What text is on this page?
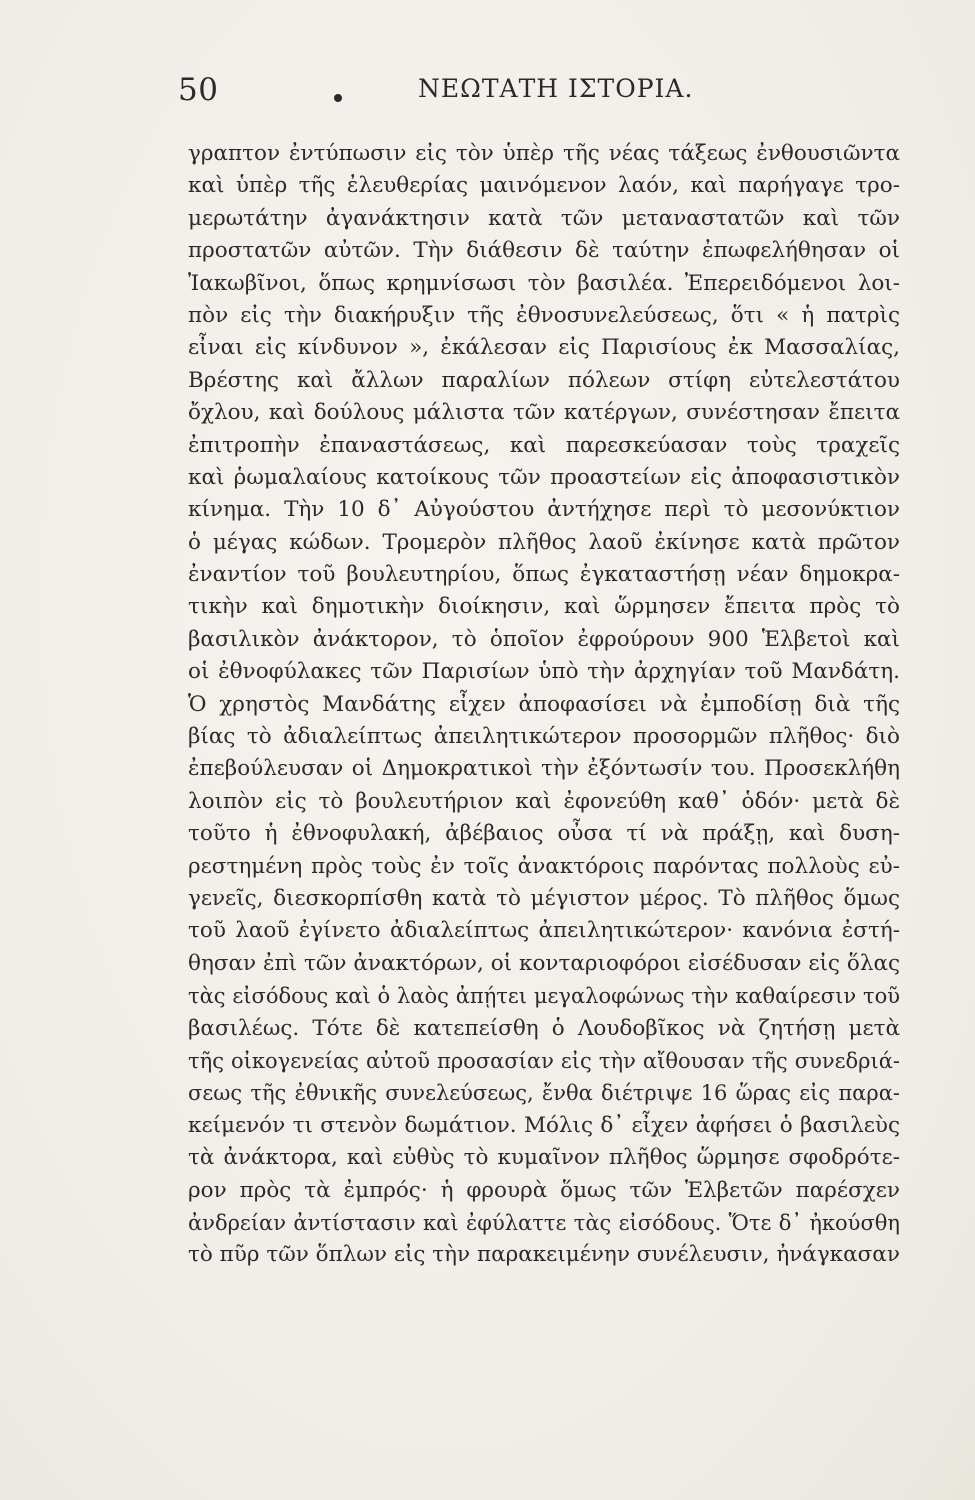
50	ΝΕΩΤΑΤΗ ΙΣΤΟΡΙΑ.
γραπτον ἐντύπωσιν εἰς τὸν ὑπὲρ τῆς νέας τάξεως ἐνθουσιῶντα
καὶ ὑπὲρ τῆς ἐλευθερίας μαινόμενον λαόν, καὶ παρήγαγε τρο-
μερωτάτην ἀγανάκτησιν κατὰ τῶν μεταναστατῶν καὶ τῶν
προστατῶν αὐτῶν. Τὴν διάθεσιν δὲ ταύτην ἐπωφελήθησαν οἱ
Ἰακωβῖνοι, ὅπως κρημνίσωσι τὸν βασιλέα. Ἐπερειδόμενοι λοι-
πὸν εἰς τὴν διακήρυξιν τῆς ἐθνοσυνελεύσεως, ὅτι « ἡ πατρὶς
εἶναι εἰς κίνδυνον », ἐκάλεσαν εἰς Παρισίους ἐκ Μασσαλίας,
Βρέστης καὶ ἄλλων παραλίων πόλεων στίφη εὐτελεστάτου
ὄχλου, καὶ δούλους μάλιστα τῶν κατέργων, συνέστησαν ἔπειτα
ἐπιτροπὴν ἐπαναστάσεως, καὶ παρεσκεύασαν τοὺς τραχεῖς
καὶ ῥωμαλαίους κατοίκους τῶν προαστείων εἰς ἀποφασιστικὸν
κίνημα. Τὴν 10 δ᾽ Αὐγούστου ἀντήχησε περὶ τὸ μεσονύκτιον
ὁ μέγας κώδων. Τρομερὸν πλῆθος λαοῦ ἐκίνησε κατὰ πρῶτον
ἐναντίον τοῦ βουλευτηρίου, ὅπως ἐγκαταστήσῃ νέαν δημοκρα-
τικὴν καὶ δημοτικὴν διοίκησιν, καὶ ὥρμησεν ἔπειτα πρὸς τὸ
βασιλικὸν ἀνάκτορον, τὸ ὁποῖον ἐφρούρουν 900 Ἑλβετοὶ καὶ
οἱ ἐθνοφύλακες τῶν Παρισίων ὑπὸ τὴν ἀρχηγίαν τοῦ Μανδάτη.
Ὁ χρηστὸς Μανδάτης εἶχεν ἀποφασίσει νὰ ἐμποδίσῃ διὰ τῆς
βίας τὸ ἀδιαλείπτως ἀπειλητικώτερον προσορμῶν πλῆθος· διὸ
ἐπεβούλευσαν οἱ Δημοκρατικοὶ τὴν ἐξόντωσίν του. Προσεκλήθη
λοιπὸν εἰς τὸ βουλευτήριον καὶ ἐφονεύθη καθ᾽ ὁδόν· μετὰ δὲ
τοῦτο ἡ ἐθνοφυλακή, ἀβέβαιος οὖσα τί νὰ πράξῃ, καὶ δυση-
ρεστημένη πρὸς τοὺς ἐν τοῖς ἀνακτόροις παρόντας πολλοὺς εὐ-
γενεῖς, διεσκορπίσθη κατὰ τὸ μέγιστον μέρος. Τὸ πλῆθος ὅμως
τοῦ λαοῦ ἐγίνετο ἀδιαλείπτως ἀπειλητικώτερον· κανόνια ἐστή-
θησαν ἐπὶ τῶν ἀνακτόρων, οἱ κονταριοφόροι εἰσέδυσαν εἰς ὅλας
τὰς εἰσόδους καὶ ὁ λαὸς ἀπῄτει μεγαλοφώνως τὴν καθαίρεσιν τοῦ
βασιλέως. Τότε δὲ κατεπείσθη ὁ Λουδοβῖκος νὰ ζητήσῃ μετὰ
τῆς οἰκογενείας αὐτοῦ προσασίαν εἰς τὴν αἴθουσαν τῆς συνεδριά-
σεως τῆς ἐθνικῆς συνελεύσεως, ἔνθα διέτριψε 16 ὥρας εἰς παρα-
κείμενόν τι στενὸν δωμάτιον. Μόλις δ᾽ εἶχεν ἀφήσει ὁ βασιλεὺς
τὰ ἀνάκτορα, καὶ εὐθὺς τὸ κυμαῖνον πλῆθος ὥρμησε σφοδρότε-
ρον πρὸς τὰ ἐμπρός· ἡ φρουρὰ ὅμως τῶν Ἑλβετῶν παρέσχεν
ἀνδρείαν ἀντίστασιν καὶ ἐφύλαττε τὰς εἰσόδους. Ὅτε δ᾽ ἠκούσθη
τὸ πῦρ τῶν ὅπλων εἰς τὴν παρακειμένην συνέλευσιν, ἠνάγκασαν
